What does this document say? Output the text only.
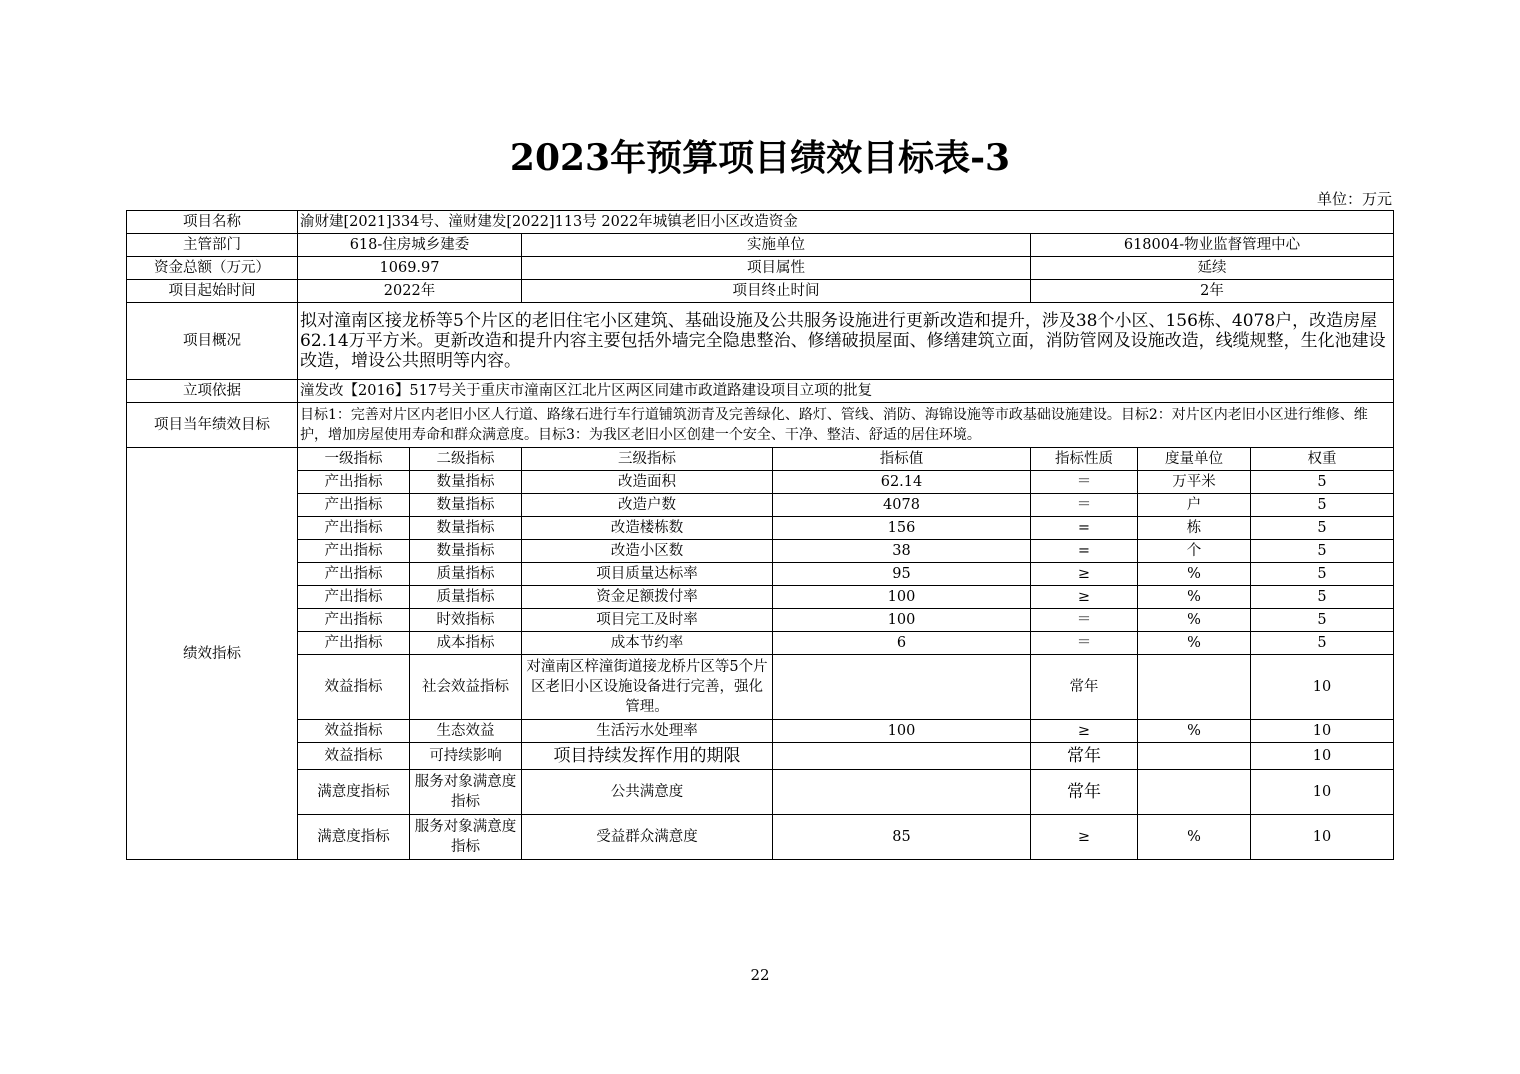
2023年预算项目绩效目标表-3
单位：万元
项目名称	渝财建[2021]334号、潼财建发[2022]113号 2022年城镇老旧小区改造资金						
主管部门	618-住房城乡建委		实施单位		618004-物业监督管理中心		
资金总额（万元）	1069.97		项目属性		延续		
项目起始时间	2022年		项目终止时间		2年		
项目概况	拟对潼南区接龙桥等5个片区的老旧住宅小区建筑、基础设施及公共服务设施进行更新改造和提升，涉及38个小区、156栋、4078户，改造房屋62.14万平方米。更新改造和提升内容主要包括外墙完全隐患整治、修缮破损屋面、修缮建筑立面，消防管网及设施改造，线缆规整，生化池建设改造，增设公共照明等内容。						
立项依据	潼发改【2016】517号关于重庆市潼南区江北片区两区同建市政道路建设项目立项的批复						
项目当年绩效目标	目标1：完善对片区内老旧小区人行道、路缘石进行车行道铺筑沥青及完善绿化、路灯、管线、消防、海锦设施等市政基础设施建设。目标2：对片区内老旧小区进行维修、维护，增加房屋使用寿命和群众满意度。目标3：为我区老旧小区创建一个安全、干净、整洁、舒适的居住环境。						
绩效指标	一级指标	二级指标	三级指标	指标值	指标性质	度量单位	权重
	产出指标	数量指标	改造面积	62.14	＝	万平米	5
	产出指标	数量指标	改造户数	4078	＝	户	5
	产出指标	数量指标	改造楼栋数	156	=	栋	5
	产出指标	数量指标	改造小区数	38	=	个	5
	产出指标	质量指标	项目质量达标率	95	≥	%	5
	产出指标	质量指标	资金足额拨付率	100	≥	%	5
	产出指标	时效指标	项目完工及时率	100	＝	%	5
	产出指标	成本指标	成本节约率	6	＝	%	5
	效益指标	社会效益指标	对潼南区梓潼街道接龙桥片区等5个片区老旧小区设施设备进行完善，强化管理。		常年		10
	效益指标	生态效益	生活污水处理率	100	≥	%	10
	效益指标	可持续影响	项目持续发挥作用的期限		常年		10
	满意度指标	服务对象满意度指标	公共满意度		常年		10
	满意度指标	服务对象满意度指标	受益群众满意度	85	≥	%	10
22
